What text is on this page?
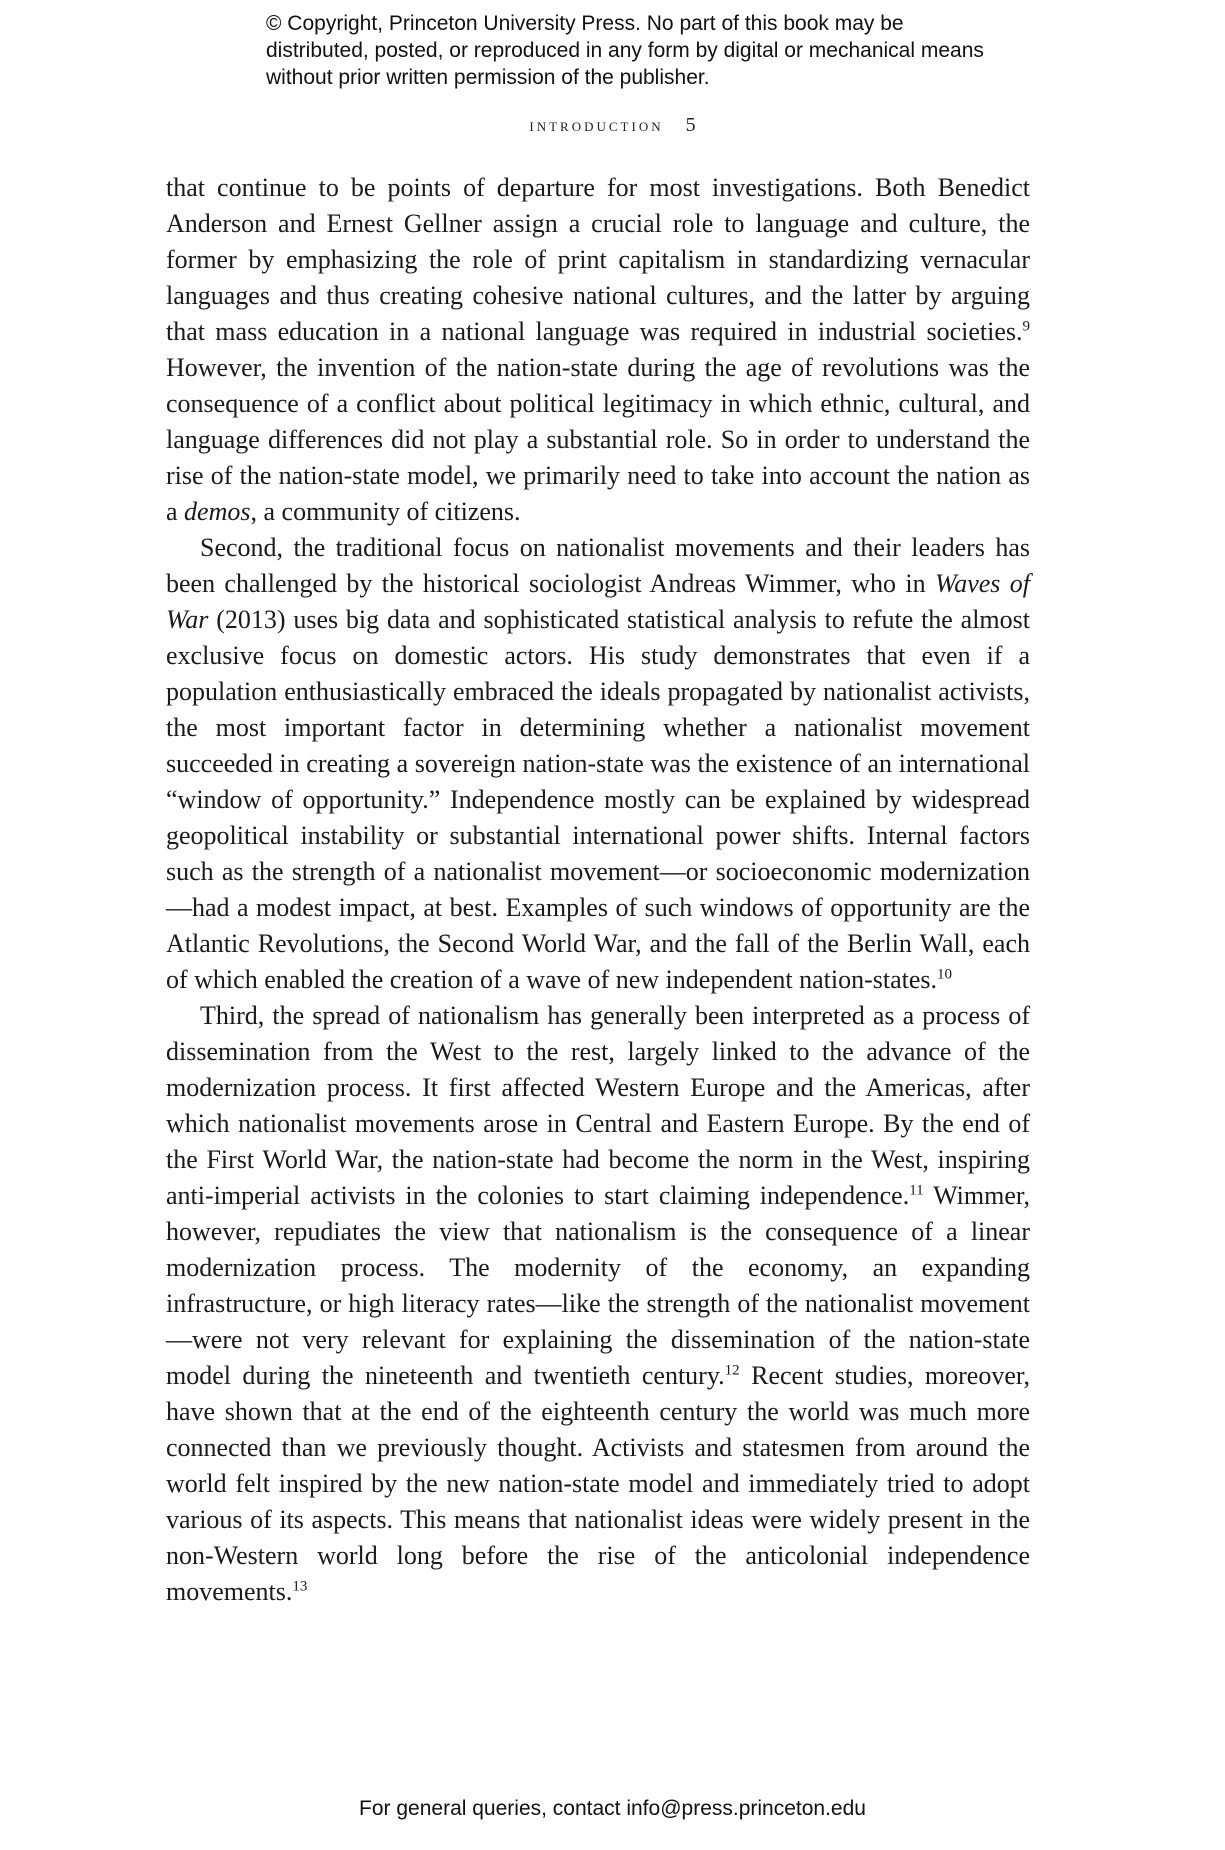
© Copyright, Princeton University Press. No part of this book may be distributed, posted, or reproduced in any form by digital or mechanical means without prior written permission of the publisher.
introduction 5

that continue to be points of departure for most investigations. Both Benedict Anderson and Ernest Gellner assign a crucial role to language and culture, the former by emphasizing the role of print capitalism in standardizing vernacular languages and thus creating cohesive national cultures, and the latter by arguing that mass education in a national language was required in industrial societies.$^9$ However, the invention of the nation-state during the age of revolutions was the consequence of a conflict about political legitimacy in which ethnic, cultural, and language differences did not play a substantial role. So in order to understand the rise of the nation-state model, we primarily need to take into account the nation as a demos, a community of citizens.

Second, the traditional focus on nationalist movements and their leaders has been challenged by the historical sociologist Andreas Wimmer, who in Waves of War (2013) uses big data and sophisticated statistical analysis to refute the almost exclusive focus on domestic actors. His study demonstrates that even if a population enthusiastically embraced the ideals propagated by nationalist activists, the most important factor in determining whether a nationalist movement succeeded in creating a sovereign nation-state was the existence of an international “window of opportunity.” Independence mostly can be explained by widespread geopolitical instability or substantial international power shifts. Internal factors such as the strength of a nationalist movement—or socioeconomic modernization—had a modest impact, at best. Examples of such windows of opportunity are the Atlantic Revolutions, the Second World War, and the fall of the Berlin Wall, each of which enabled the creation of a wave of new independent nation-states.$^{10}$

Third, the spread of nationalism has generally been interpreted as a process of dissemination from the West to the rest, largely linked to the advance of the modernization process. It first affected Western Europe and the Americas, after which nationalist movements arose in Central and Eastern Europe. By the end of the First World War, the nation-state had become the norm in the West, inspiring anti-imperial activists in the colonies to start claiming independence.$^{11}$ Wimmer, however, repudiates the view that nationalism is the consequence of a linear modernization process. The modernity of the economy, an expanding infrastructure, or high literacy rates—like the strength of the nationalist movement—were not very relevant for explaining the dissemination of the nation-state model during the nineteenth and twentieth century.$^{12}$ Recent studies, moreover, have shown that at the end of the eighteenth century the world was much more connected than we previously thought. Activists and statesmen from around the world felt inspired by the new nation-state model and immediately tried to adopt various of its aspects. This means that nationalist ideas were widely present in the non-Western world long before the rise of the anticolonial independence movements.$^{13}$

For general queries, contact info@press.princeton.edu
